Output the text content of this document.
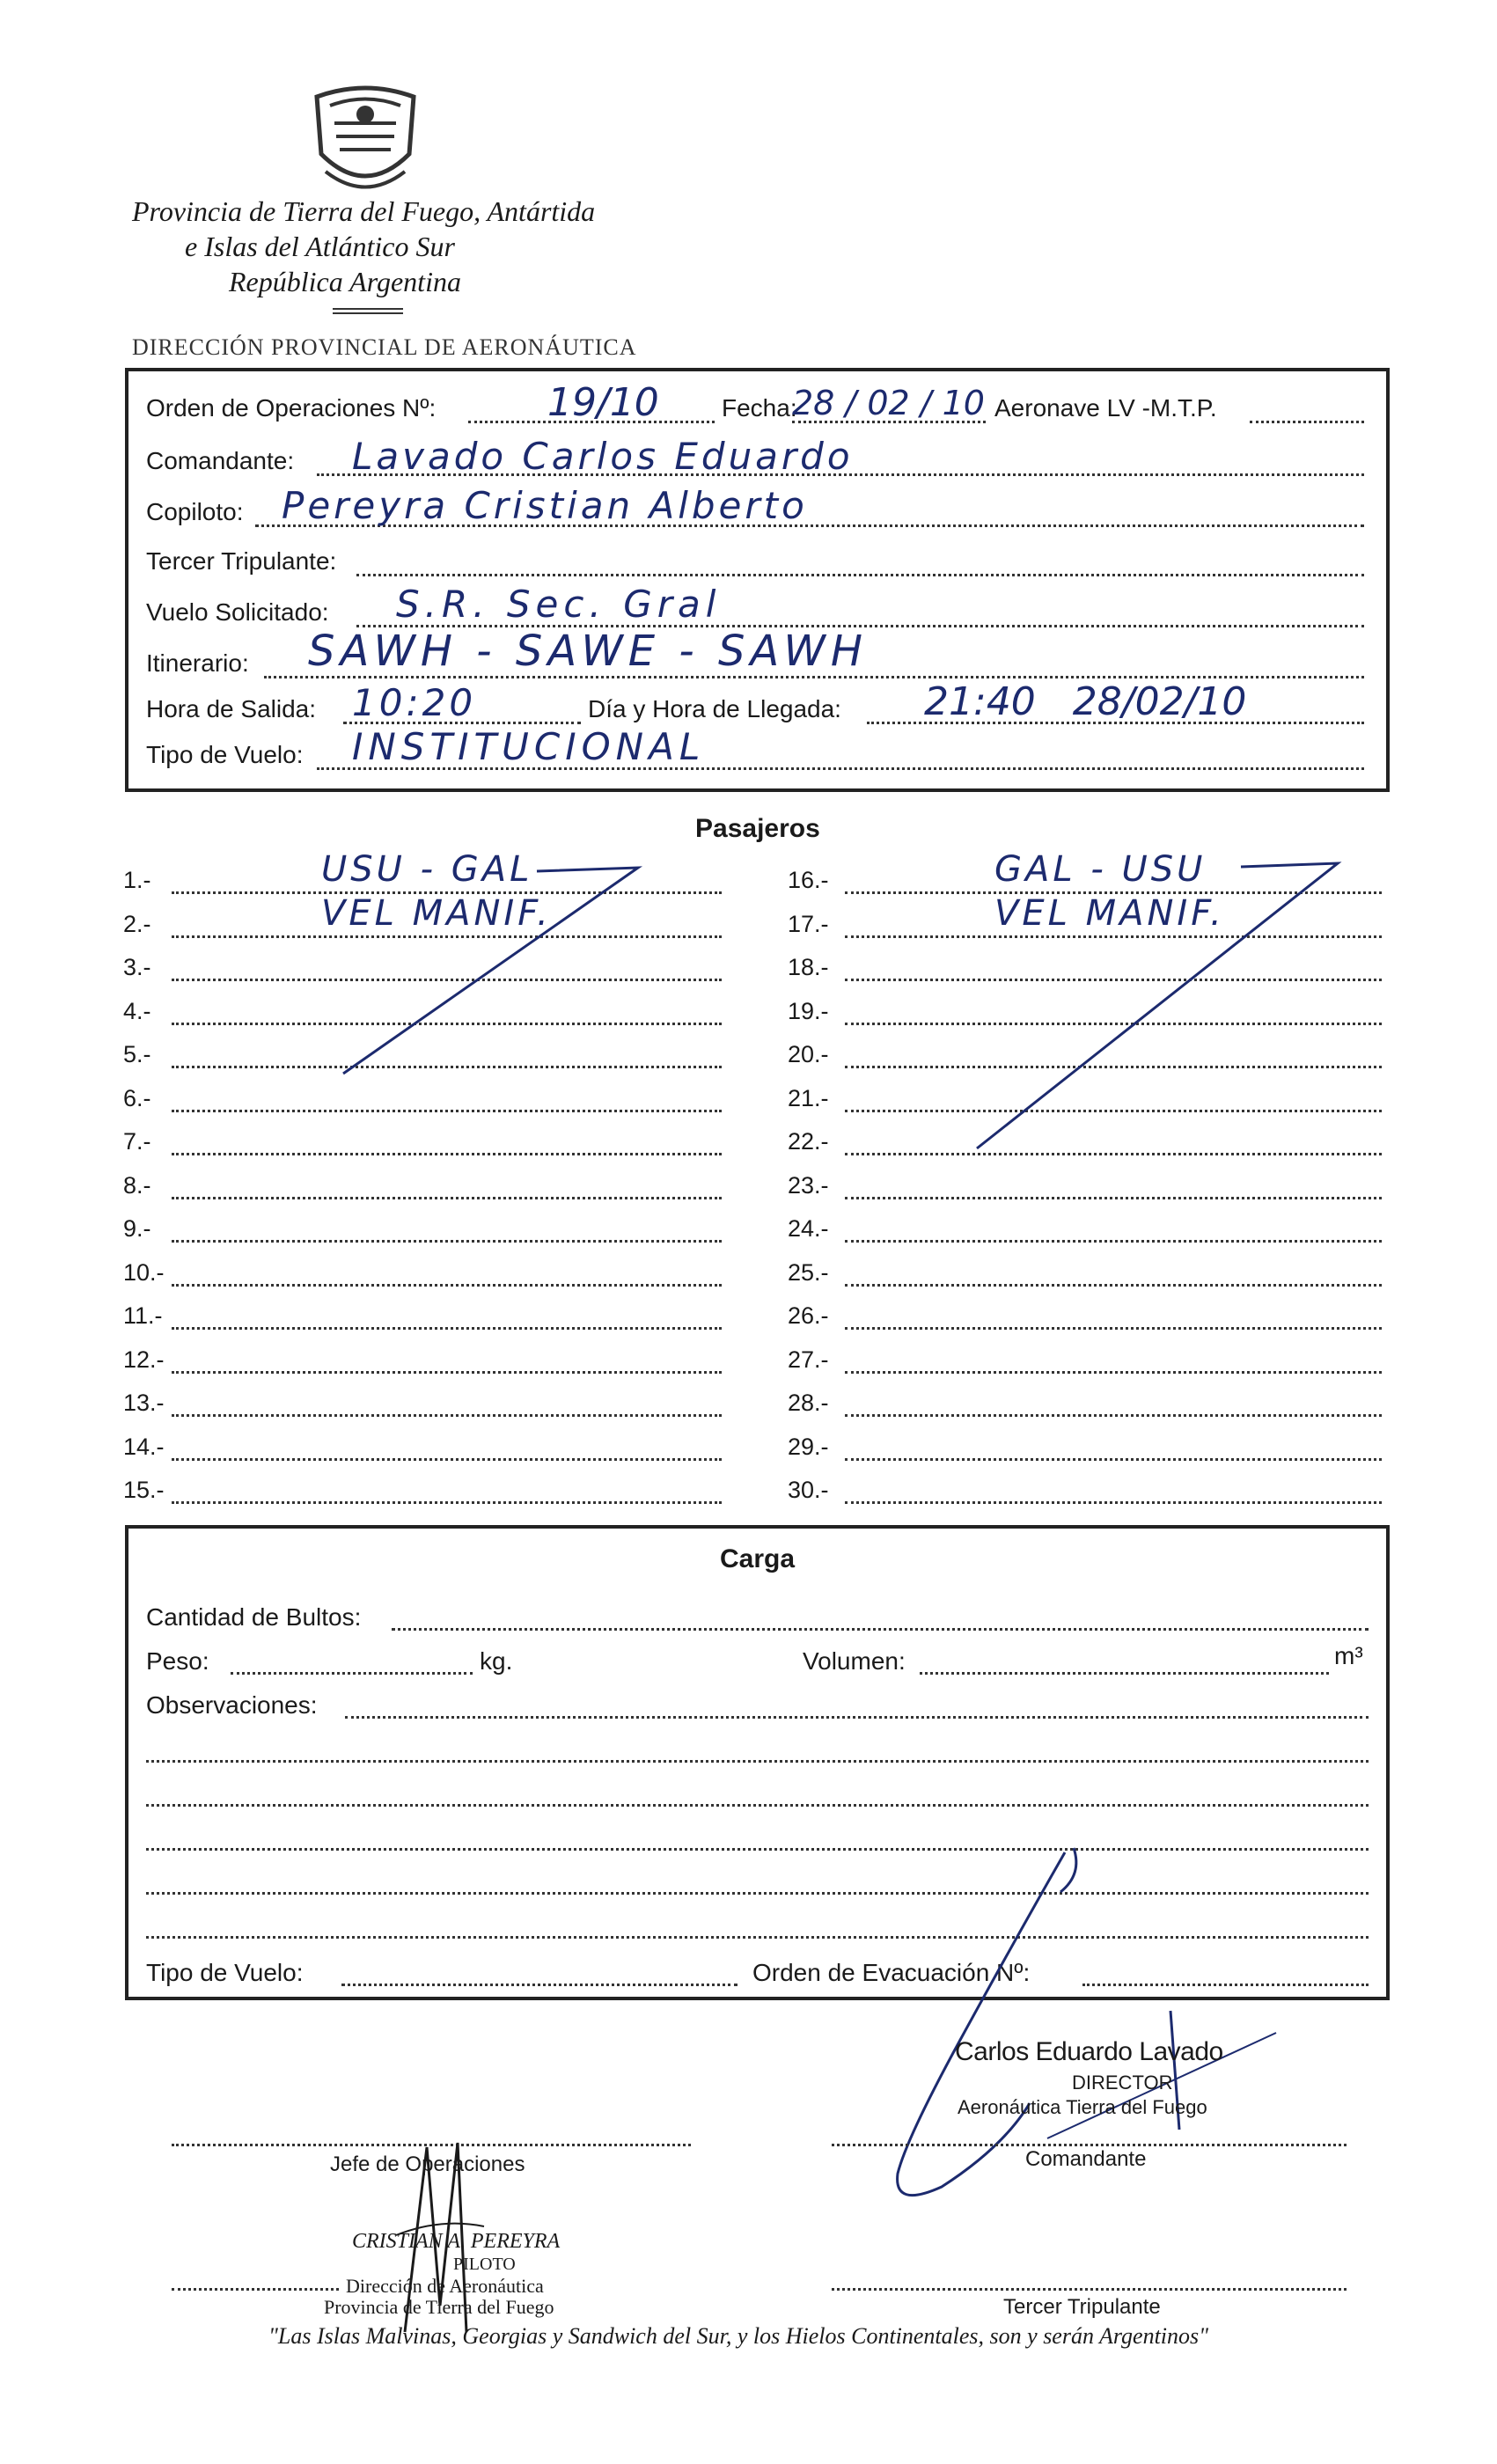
Provincia de Tierra del Fuego, Antártida
e Islas del Atlántico Sur
República Argentina
DIRECCIÓN PROVINCIAL DE AERONÁUTICA
Orden de Operaciones Nº:	19/10	Fecha:
28 / 02 / 10 Aeronave LV -M.T.P.
Comandante: Lavado Carlos Eduardo
Copiloto: Pereyra Cristian Alberto
Tercer Tripulante:
Vuelo Solicitado: S.R. Sec. Gral
Itinerario: SAWH - SAWE - SAWH
Hora de Salida: 10:20	Día y Hora de Llegada: 21:40   28/02/10
Tipo de Vuelo: INSTITUCIONAL
Pasajeros
1.-	USU - GAL
2.-	VEL MANIF.
3.-
4.-
5.-
6.-
7.-
8.-
9.-
10.-
11.-
12.-
13.-
14.-
15.-
16.-	GAL - USU
17.-	VEL MANIF.
18.-
19.-
20.-
21.-
22.-
23.-
24.-
25.-
26.-
27.-
28.-
29.-
30.-
Carga
Cantidad de Bultos:
Peso:	kg.	Volumen:	m³
Observaciones:
Tipo de Vuelo:	Orden de Evacuación Nº:
Carlos Eduardo Lavado
DIRECTOR
Aeronáutica Tierra del Fuego
Jefe de Operaciones	Comandante
CRISTIAN A. PEREYRA
PILOTO
Dirección de Aeronáutica
Provincia de Tierra del Fuego	Tercer Tripulante
"Las Islas Malvinas, Georgias y Sandwich del Sur, y los Hielos Continentales, son y serán Argentinos"
